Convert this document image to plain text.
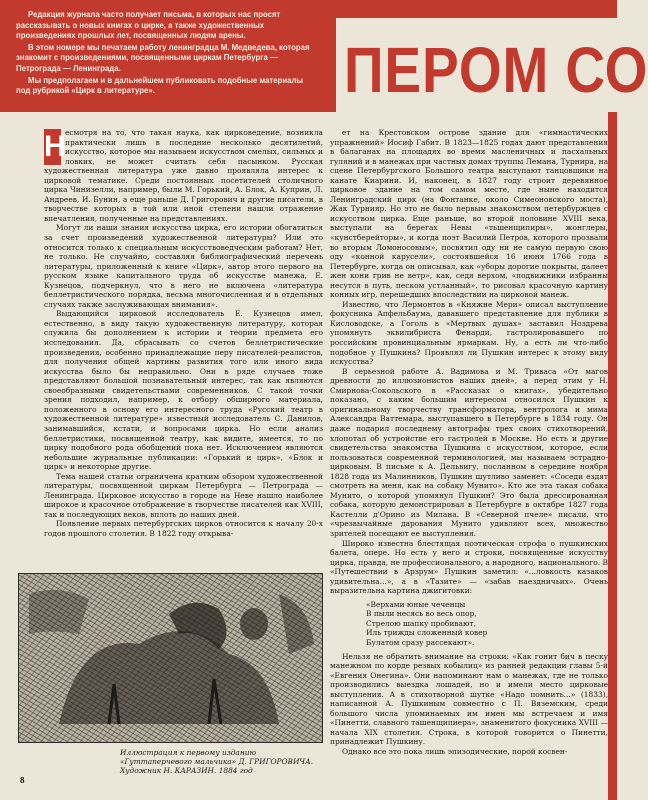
Редакция журнала часто получает письма, в которых нас просят рассказывать о новых книгах о цирке, а также художественных произведениях прошлых лет, посвященных людям арены.

В этом номере мы печатаем работу ленинградца М. Медведева, которая знакомит с произведениями, посвященными циркам Петербурга — Петрограда — Ленинграда.

Мы предполагаем и в дальнейшем публиковать подобные материалы под рубрикой «Цирк в литературе».	ПЕРОМ СО

Н есмотря на то, что такая наука, как цирковедение, возникла практически лишь в последние несколько десятилетий, искусство, которое мы называем искусством смелых, сильных и ловких, не может считать себя пасынком. Русская художественная литература уже давно проявляла интерес к цирковой тематике. Среди постоянных посетителей столичного цирка Чинизелли, например, были М. Горький, А. Блок, А. Куприн, Л. Андреев, И. Бунин, а еще раньше Д. Григорович и другие писатели, в творчестве которых в той или иной степени нашли отражение впечатления, полученные на представлениях.

Могут ли наши знания искусства цирка, его истории обогатиться за счет произведений художественной литературы? Или это относится только к специальным искусствоведческим работам? Нет, не только. Не случайно, составляя библиографический перечень литературы, приложенный к книге «Цирк», автор этого первого на русском языке капитального труда об искусстве манежа, Е. Кузнецов, подчеркнул, что в него не включена «литература беллетристического порядка, весьма многочисленная и в отдельных случаях также заслуживающая внимания».

Выдающийся цирковой исследователь Е. Кузнецов имел, естественно, в виду такую художественную литературу, которая служила бы дополнением к истории и теории предмета его исследования. Да, сбрасывать со счетов беллетристические произведения, особенно принадлежащие перу писателей-реалистов, для получения общей картины развития того или иного вида искусства было бы неправильно. Они в ряде случаев тоже представляют большой познавательный интерес, так как являются своеобразными свидетельствами современников. С такой точки зрения подходил, например, к отбору обширного материала, положенного в основу его интересного труда «Русский театр в художественной литературе» известный исследователь С. Данилов, занимавшийся, кстати, и вопросами цирка. Но если анализ беллетристики, посвященной театру, как видите, имеется, то по цирку подобного рода обобщений пока нет. Исключением являются небольшие журнальные публикации: «Горький и цирк», «Блок и цирк» и некоторые другие.

Тема нашей статьи ограничена кратким обзором художественной литературы, посвященной циркам Петербурга — Петрограда — Ленинграда. Цирковое искусство в городе на Неве нашло наиболее широкое и красочное отображение в творчестве писателей как XVIII, так и последующих веков, вплоть до наших дней.

Появление первых петербургских цирков относится к началу 20-х годов прошлого столетия. В 1822 году открыва-

ет на Крестовском острове здание для «гимнастических упражнений» Иосиф Габит. В 1823—1825 годах дают представления в балаганах на площадях во время масленичных и пасхальных гуляний и в манежах при частных домах труппы Лемана, Турнира, на сцене Петербургского Большого театра выступают танцовщики на канате Киарини. И, наконец, в 1827 году строит деревянное цирковое здание на том самом месте, где ныне находится Ленинградский цирк (на Фонтанке, около Симеоновского моста), Жак Турнияр. Но это не было первым знакомством петербуржцев с искусством цирка. Еще раньше, во второй половине XVIII века, выступали на берегах Невы «тьшенщипиры», жонглеры, «кунстберейторы», и когда поэт Василий Петров, которого прозвали во вторым Ломоносовым», посвятил оду ни не самую первую свою оду «конной карусели», состоявшейся 16 июня 1766 года в Петербурге, когда он описывал, как «уборы дорогие покрыты, далеет жен кони грив не ветр», как, седя верхом, «подвижники избранны несутся в путь, песком устланный», то рисовал красочную картину конных игр, перешедших впоследствии на цирковой манеж.

Известно, что Лермонтов в «Княжне Мери» описал выступление фокусника Апфельбаума, дававшего представление для публики в Кисловодске, а Гоголь в «Мертвых душах» заставил Ноздрева упомянуть эквилибриста Фенарди, гастролировавшего по российским провинциальным ярмаркам. Ну, а есть ли что-либо подобное у Пушкина? Проявлял ли Пушкин интерес к этому виду искусства?

В серьезной работе А. Вадимова и М. Триваса «От магов древности до иллюзионистов наших дней», а перед этим у Н. Смирнова-Сокольского в «Рассказах о книгах», убедительно показано, с каким большим интересом относился Пушкин к оригинальному творчеству трансформатора, вентролога и мима Александра Ваттемара, выступавшего в Петербурге в 1834 году. Он даже подарил последнему автографы трех своих стихотворений, хлопотал об устройстве его гастролей в Москве. Но есть и другие свидетельства знакомства Пушкина с искусством, которое, если пользоваться современной терминологией, мы называем эстрадно-цирковым. В письме к А. Дельвигу, посланном в середине ноября 1828 года из Малинников, Пушкин шутливо заменет: «Соседи ездят смотреть на меня, как на собаку Мунито». Кто же эта такая собака Мунито, о которой упомянул Пушкин? Это была дрессированная собака, которую демонстрировал в Петербурге в октябре 1827 года Кастелли д'Орино из Милана. В «Северной пчеле» писали, что «чрезвычайные дарования Мунито удивляют всех, множество зрителей посещают ее выступления.

Широко известна блестящая поэтическая строфа о пушкинских балета, опере. Но есть у него и строки, посвященные искусству цирка, правда, не профессионального, а народного, национального. В «Путешествии в Арзрум» Пушкин заметил: «...ловкость казаков удивительна...», а в «Тазите» — «забав наездничьих». Очень выразительна картина джигитовки:

«Верхами юные чеченцы
В пыли несясь во весь опор,
Стрелою шапку пробивают,
Иль трижды сложенный ковер
Булатом сразу рассекают».

Нельзя не обратить внимание на строки: «Как гонит бич в песку манежном по корде резвых кобылиц» из ранней редакции главы 5-й «Евгения Онегина». Они напоминают нам о манежах, где не только производились выездка лошадей, но и имели место цирковые выступления. А в стихотворной шутке «Надо помнить...» (1833), написанной А. Пушкиным совместно с П. Вяземским, среди большого числа упоминаемых им имен мы встречаем и имя «Пинетти, славного ташенщипиера», знаменитого фокусника XVIII — начала XIX столетия. Строка, в которой говорится о Пинетти, принадлежит Пушкину.

Однако все это пока лишь эпизодические, порой косвен-

Иллюстрация к первому изданию «Гуттаперчевого мальчика» Д. ГРИГОРОВИЧА. Художник Н. КАРАЗИН. 1884 год
8
